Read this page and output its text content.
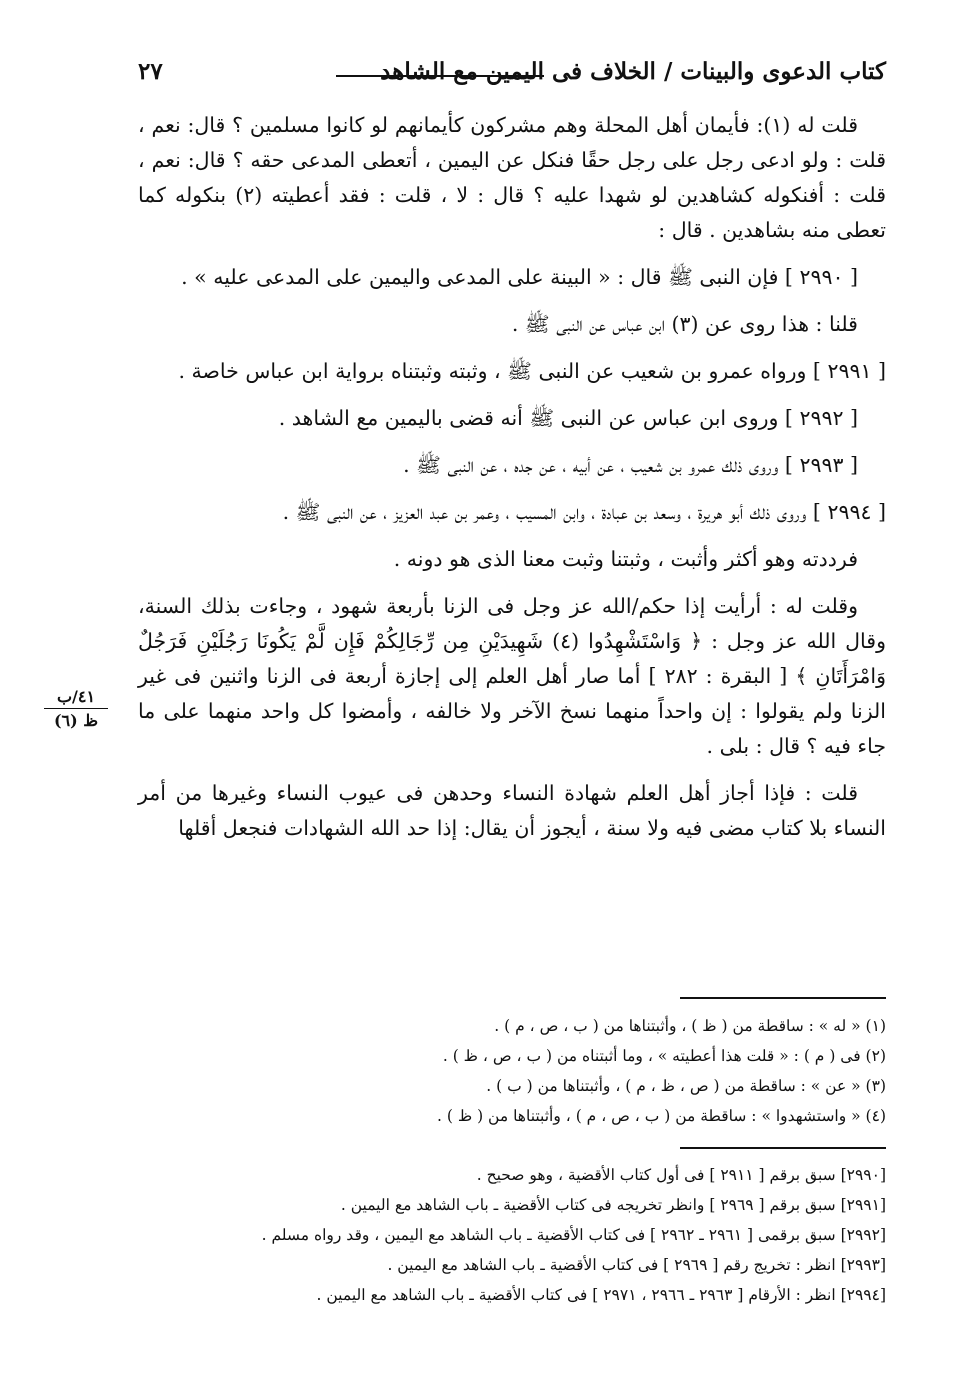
كتاب الدعوى والبينات / الخلاف فى اليمين مع الشاهد
٢٧

قلت له (١): فأيمان أهل المحلة وهم مشركون كأيمانهم لو كانوا مسلمين ؟ قال: نعم ، قلت : ولو ادعى رجل على رجل حقًا فنكل عن اليمين ، أتعطى المدعى حقه ؟ قال: نعم ، قلت : أفنكوله كشاهدين لو شهدا عليه ؟ قال : لا ، قلت : فقد أعطيته (٢) بنكوله كما تعطى منه بشاهدين . قال :

[ ٢٩٩٠ ] فإن النبى ﷺ قال : « البينة على المدعى واليمين على المدعى عليه » .

قلنا : هذا روى عن (٣) ابن عباس عن النبى ﷺ .

[ ٢٩٩١ ] ورواه عمرو بن شعيب عن النبى ﷺ ، وثبته وثبتناه برواية ابن عباس خاصة .

[ ٢٩٩٢ ] وروى ابن عباس عن النبى ﷺ أنه قضى باليمين مع الشاهد .

[ ٢٩٩٣ ] وروى ذلك عمرو بن شعيب ، عن أبيه ، عن جده ، عن النبى ﷺ .

[ ٢٩٩٤ ] وروى ذلك أبو هريرة ، وسعد بن عبادة ، وابن المسيب ، وعمر بن عبد العزيز ، عن النبى ﷺ .

فرددته وهو أكثر وأثبت ، وثبتنا وثبت معنا الذى هو دونه .

وقلت له : أرأيت إذا حكم/الله عز وجل فى الزنا بأربعة شهود ، وجاءت بذلك السنة، وقال الله عز وجل : ﴿ وَاسْتَشْهِدُوا (٤) شَهِيدَيْنِ مِن رِّجَالِكُمْ فَإِن لَّمْ يَكُونَا رَجُلَيْنِ فَرَجُلٌ وَامْرَأَتَانِ ﴾ [ البقرة : ٢٨٢ ] أما صار أهل العلم إلى إجازة أربعة فى الزنا واثنين فى غير الزنا ولم يقولوا : إن واحداً منهما نسخ الآخر ولا خالفه ، وأمضوا كل واحد منهما على ما جاء فيه ؟ قال : بلى .

قلت : فإذا أجاز أهل العلم شهادة النساء وحدهن فى عيوب النساء وغيرها من أمر النساء بلا كتاب مضى فيه ولا سنة ، أيجوز أن يقال: إذا حد الله الشهادات فنجعل أقلها

٤١/ب
ظ (٦)
(١) « له » : ساقطة من ( ظ ) ، وأثبتناها من ( ب ، ص ، م ) .
(٢) فى ( م ) : « قلت هذا أعطيته » ، وما أثبتناه من ( ب ، ص ، ظ ) .
(٣) « عن » : ساقطة من ( ص ، ظ ، م ) ، وأثبتناها من ( ب ) .
(٤) « واستشهدوا » : ساقطة من ( ب ، ص ، م ) ، وأثبتناها من ( ظ ) .
[٢٩٩٠] سبق برقم [ ٢٩١١ ] فى أول كتاب الأقضية ، وهو صحيح .
[٢٩٩١] سبق برقم [ ٢٩٦٩ ] وانظر تخريجه فى كتاب الأقضية ـ باب الشاهد مع اليمين .
[٢٩٩٢] سبق برقمى [ ٢٩٦١ ـ ٢٩٦٢ ] فى كتاب الأقضية ـ باب الشاهد مع اليمين ، وقد رواه مسلم .
[٢٩٩٣] انظر : تخريج رقم [ ٢٩٦٩ ] فى كتاب الأقضية ـ باب الشاهد مع اليمين .
[٢٩٩٤] انظر : الأرقام [ ٢٩٦٣ ـ ٢٩٦٦ ، ٢٩٧١ ] فى كتاب الأقضية ـ باب الشاهد مع اليمين .
